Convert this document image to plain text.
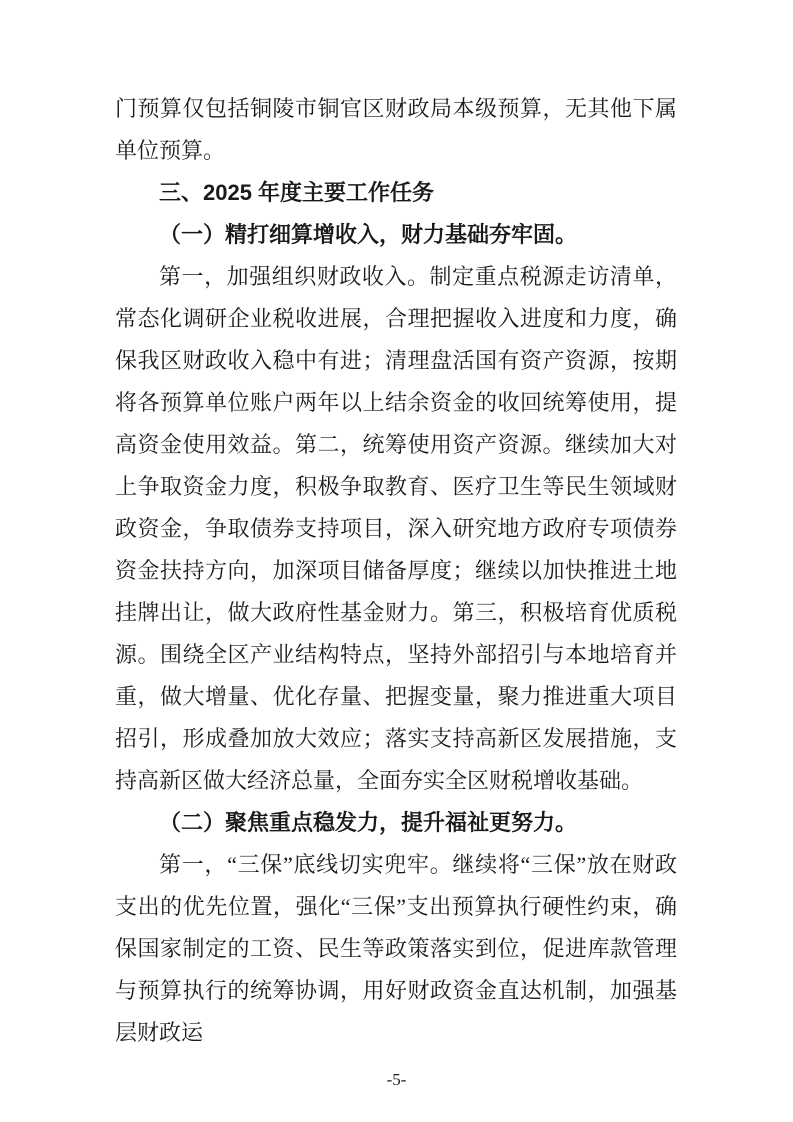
门预算仅包括铜陵市铜官区财政局本级预算，无其他下属单位预算。

三、2025 年度主要工作任务
（一）精打细算增收入，财力基础夯牢固。

第一，加强组织财政收入。制定重点税源走访清单，常态化调研企业税收进展，合理把握收入进度和力度，确保我区财政收入稳中有进；清理盘活国有资产资源，按期将各预算单位账户两年以上结余资金的收回统筹使用，提高资金使用效益。第二，统筹使用资产资源。继续加大对上争取资金力度，积极争取教育、医疗卫生等民生领域财政资金，争取债券支持项目，深入研究地方政府专项债券资金扶持方向，加深项目储备厚度；继续以加快推进土地挂牌出让，做大政府性基金财力。第三，积极培育优质税源。围绕全区产业结构特点，坚持外部招引与本地培育并重，做大增量、优化存量、把握变量，聚力推进重大项目招引，形成叠加放大效应；落实支持高新区发展措施，支持高新区做大经济总量，全面夯实全区财税增收基础。

（二）聚焦重点稳发力，提升福祉更努力。

第一，“三保”底线切实兜牢。继续将“三保”放在财政支出的优先位置，强化“三保”支出预算执行硬性约束，确保国家制定的工资、民生等政策落实到位，促进库款管理与预算执行的统筹协调，用好财政资金直达机制，加强基层财政运

-5-
